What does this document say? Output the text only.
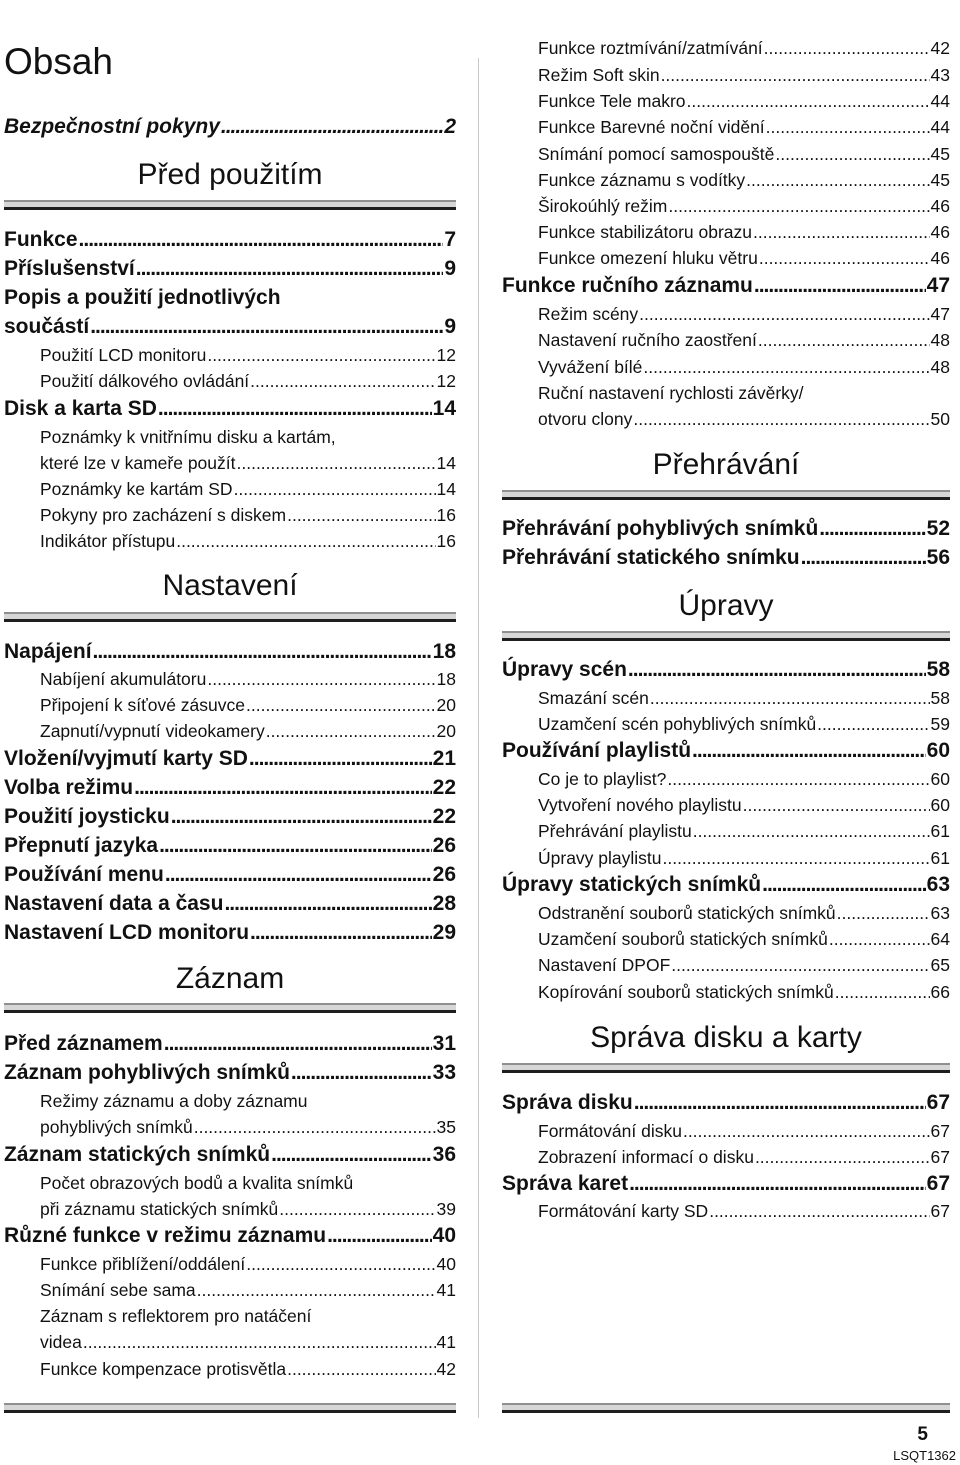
Obsah
Bezpečnostní pokyny .....	2
Před použitím
Funkce .....	7
Příslušenství .....	9
Popis a použití jednotlivých
součástí .....	9
Použití LCD monitoru .....	12
Použití dálkového ovládání .....	12
Disk a karta SD .....	14
Poznámky k vnitřnímu disku a kartám,
které lze v kameře použít .....	14
Poznámky ke kartám SD .....	14
Pokyny pro zacházení s diskem .....	16
Indikátor přístupu .....	16
Nastavení
Napájení .....	18
Nabíjení akumulátoru .....	18
Připojení k síťové zásuvce .....	20
Zapnutí/vypnutí videokamery .....	20
Vložení/vyjmutí karty SD .....	21
Volba režimu .....	22
Použití joysticku .....	22
Přepnutí jazyka .....	26
Používání menu .....	26
Nastavení data a času .....	28
Nastavení LCD monitoru .....	29
Záznam
Před záznamem .....	31
Záznam pohyblivých snímků .....	33
Režimy záznamu a doby záznamu
pohyblivých snímků .....	35
Záznam statických snímků .....	36
Počet obrazových bodů a kvalita snímků
při záznamu statických snímků .....	39
Různé funkce v režimu záznamu .....	40
Funkce přiblížení/oddálení .....	40
Snímání sebe sama .....	41
Záznam s reflektorem pro natáčení
videa .....	41
Funkce kompenzace protisvětla .....	42
Funkce roztmívání/zatmívání .....	42
Režim Soft skin .....	43
Funkce Tele makro .....	44
Funkce Barevné noční vidění .....	44
Snímání pomocí samospouště .....	45
Funkce záznamu s vodítky .....	45
Širokoúhlý režim .....	46
Funkce stabilizátoru obrazu .....	46
Funkce omezení hluku větru .....	46
Funkce ručního záznamu .....	47
Režim scény .....	47
Nastavení ručního zaostření .....	48
Vyvážení bílé .....	48
Ruční nastavení rychlosti závěrky/
otvoru clony .....	50
Přehrávání
Přehrávání pohyblivých snímků .....	52
Přehrávání statického snímku .....	56
Úpravy
Úpravy scén .....	58
Smazání scén .....	58
Uzamčení scén pohyblivých snímků .....	59
Používání playlistů .....	60
Co je to playlist? .....	60
Vytvoření nového playlistu .....	60
Přehrávání playlistu .....	61
Úpravy playlistu .....	61
Úpravy statických snímků .....	63
Odstranění souborů statických snímků .....	63
Uzamčení souborů statických snímků .....	64
Nastavení DPOF .....	65
Kopírování souborů statických snímků .....	66
Správa disku a karty
Správa disku .....	67
Formátování disku .....	67
Zobrazení informací o disku .....	67
Správa karet .....	67
Formátování karty SD .....	67
5
LSQT1362
